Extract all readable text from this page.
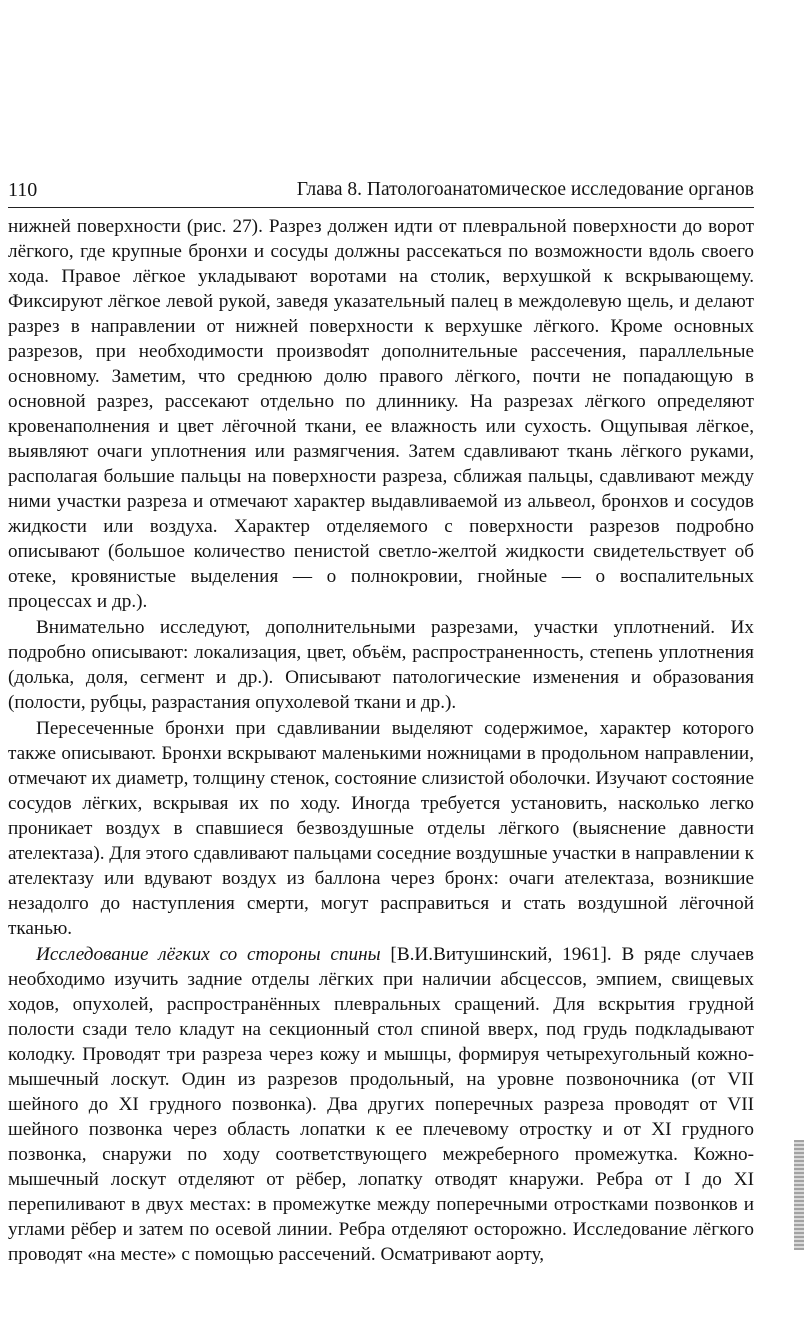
110	Глава 8. Патологоанатомическое исследование органов

нижней поверхности (рис. 27). Разрез должен идти от плевральной поверхности до ворот лёгкого, где крупные бронхи и сосуды должны рассекаться по возможности вдоль своего хода. Правое лёгкое укладывают воротами на столик, верхушкой к вскрывающему. Фиксируют лёгкое левой рукой, заведя указательный палец в междолевую щель, и делают разрез в направлении от нижней поверхности к верхушке лёгкого. Кроме основных разрезов, при необходимости произвоdят дополнительные рассечения, параллельные основному. Заметим, что среднюю долю правого лёгкого, почти не попадающую в основной разрез, рассекают отдельно по длиннику. На разрезах лёгкого определяют кровенаполнения и цвет лёгочной ткани, ее влажность или сухость. Ощупывая лёгкое, выявляют очаги уплотнения или размягчения. Затем сдавливают ткань лёгкого руками, располагая большие пальцы на поверхности разреза, сближая пальцы, сдавливают между ними участки разреза и отмечают характер выдавливаемой из альвеол, бронхов и сосудов жидкости или воздуха. Характер отделяемого с поверхности разрезов подробно описывают (большое количество пенистой светло-желтой жидкости свидетельствует об отеке, кровянистые выделения — о полнокровии, гнойные — о воспалительных процессах и др.).

Внимательно исследуют, дополнительными разрезами, участки уплотнений. Их подробно описывают: локализация, цвет, объём, распространенность, степень уплотнения (долька, доля, сегмент и др.). Описывают патологические изменения и образования (полости, рубцы, разрастания опухолевой ткани и др.).

Пересеченные бронхи при сдавливании выделяют содержимое, характер которого также описывают. Бронхи вскрывают маленькими ножницами в продольном направлении, отмечают их диаметр, толщину стенок, состояние слизистой оболочки. Изучают состояние сосудов лёгких, вскрывая их по ходу. Иногда требуется установить, насколько легко проникает воздух в спавшиеся безвоздушные отделы лёгкого (выяснение давности ателектаза). Для этого сдавливают пальцами соседние воздушные участки в направлении к ателектазу или вдувают воздух из баллона через бронх: очаги ателектаза, возникшие незадолго до наступления смерти, могут расправиться и стать воздушной лёгочной тканью.

Исследование лёгких со стороны спины [В.И.Витушинский, 1961]. В ряде случаев необходимо изучить задние отделы лёгких при наличии абсцессов, эмпием, свищевых ходов, опухолей, распространённых плевральных сращений. Для вскрытия грудной полости сзади тело кладут на секционный стол спиной вверх, под грудь подкладывают колодку. Проводят три разреза через кожу и мышцы, формируя четырехугольный кожно-мышечный лоскут. Один из разрезов продольный, на уровне позвоночника (от VII шейного до XI грудного позвонка). Два других поперечных разреза проводят от VII шейного позвонка через область лопатки к ее плечевому отростку и от XI грудного позвонка, снаружи по ходу соответствующего межреберного промежутка. Кожно-мышечный лоскут отделяют от рёбер, лопатку отводят кнаружи. Ребра от I до XI перепиливают в двух местах: в промежутке между поперечными отростками позвонков и углами рёбер и затем по осевой линии. Ребра отделяют осторожно. Исследование лёгкого проводят «на месте» с помощью рассечений. Осматривают аорту,
